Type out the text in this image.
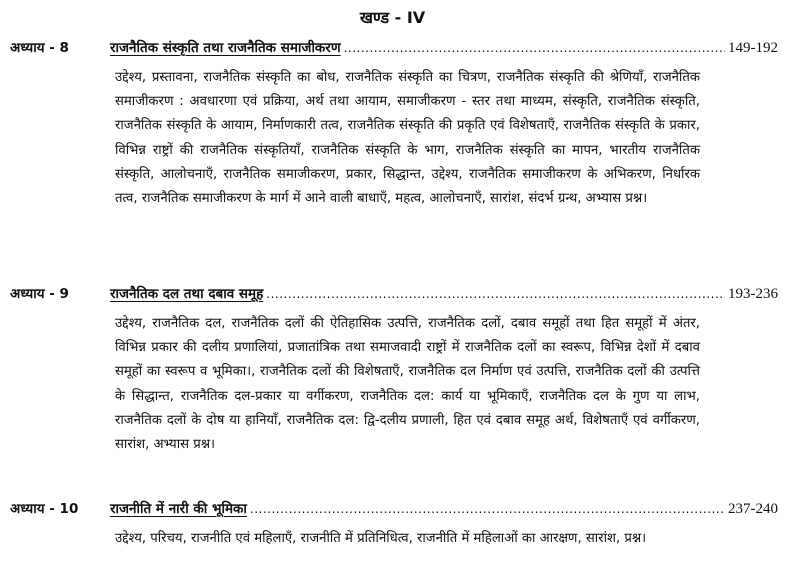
खण्ड - IV
अध्याय - 8	राजनैतिक संस्कृति तथा राजनैतिक समाजीकरण .....	149-192
उद्देश्य, प्रस्तावना, राजनैतिक संस्कृति का बोध, राजनैतिक संस्कृति का चित्रण, राजनैतिक संस्कृति की श्रेणियाँ, राजनैतिक समाजीकरण : अवधारणा एवं प्रक्रिया, अर्थ तथा आयाम, समाजीकरण - स्तर तथा माध्यम, संस्कृति, राजनैतिक संस्कृति, राजनैतिक संस्कृति के आयाम, निर्माणकारी तत्व, राजनैतिक संस्कृति की प्रकृति एवं विशेषताएँ, राजनैतिक संस्कृति के प्रकार, विभिन्न राष्ट्रों की राजनैतिक संस्कृतियाँ, राजनैतिक संस्कृति के भाग, राजनैतिक संस्कृति का मापन, भारतीय राजनैतिक संस्कृति, आलोचनाएँ, राजनैतिक समाजीकरण, प्रकार, सिद्धान्त, उद्देश्य, राजनैतिक समाजीकरण के अभिकरण, निर्धारक तत्व, राजनैतिक समाजीकरण के मार्ग में आने वाली बाधाएँ, महत्व, आलोचनाएँ, सारांश, संदर्भ ग्रन्थ, अभ्यास प्रश्न।
अध्याय - 9	राजनैतिक दल तथा दबाव समूह .....	193-236
उद्देश्य, राजनैतिक दल, राजनैतिक दलों की ऐतिहासिक उत्पत्ति, राजनैतिक दलों, दबाव समूहों तथा हित समूहों में अंतर, विभिन्न प्रकार की दलीय प्रणालियां, प्रजातांत्रिक तथा समाजवादी राष्ट्रों में राजनैतिक दलों का स्वरूप, विभिन्न देशों में दबाव समूहों का स्वरूप व भूमिका।, राजनैतिक दलों की विशेषताएँ, राजनैतिक दल निर्माण एवं उत्पत्ति, राजनैतिक दलों की उत्पत्ति के सिद्धान्त, राजनैतिक दल-प्रकार या वर्गीकरण, राजनैतिक दल: कार्य या भूमिकाएँ, राजनैतिक दल के गुण या लाभ, राजनैतिक दलों के दोष या हानियाँ, राजनैतिक दल: द्वि-दलीय प्रणाली, हित एवं दबाव समूह अर्थ, विशेषताएँ एवं वर्गीकरण, सारांश, अभ्यास प्रश्न।
अध्याय - 10	राजनीति में नारी की भूमिका .....	237-240
उद्देश्य, परिचय, राजनीति एवं महिलाएँ, राजनीति में प्रतिनिधित्व, राजनीति में महिलाओं का आरक्षण, सारांश, प्रश्न।
